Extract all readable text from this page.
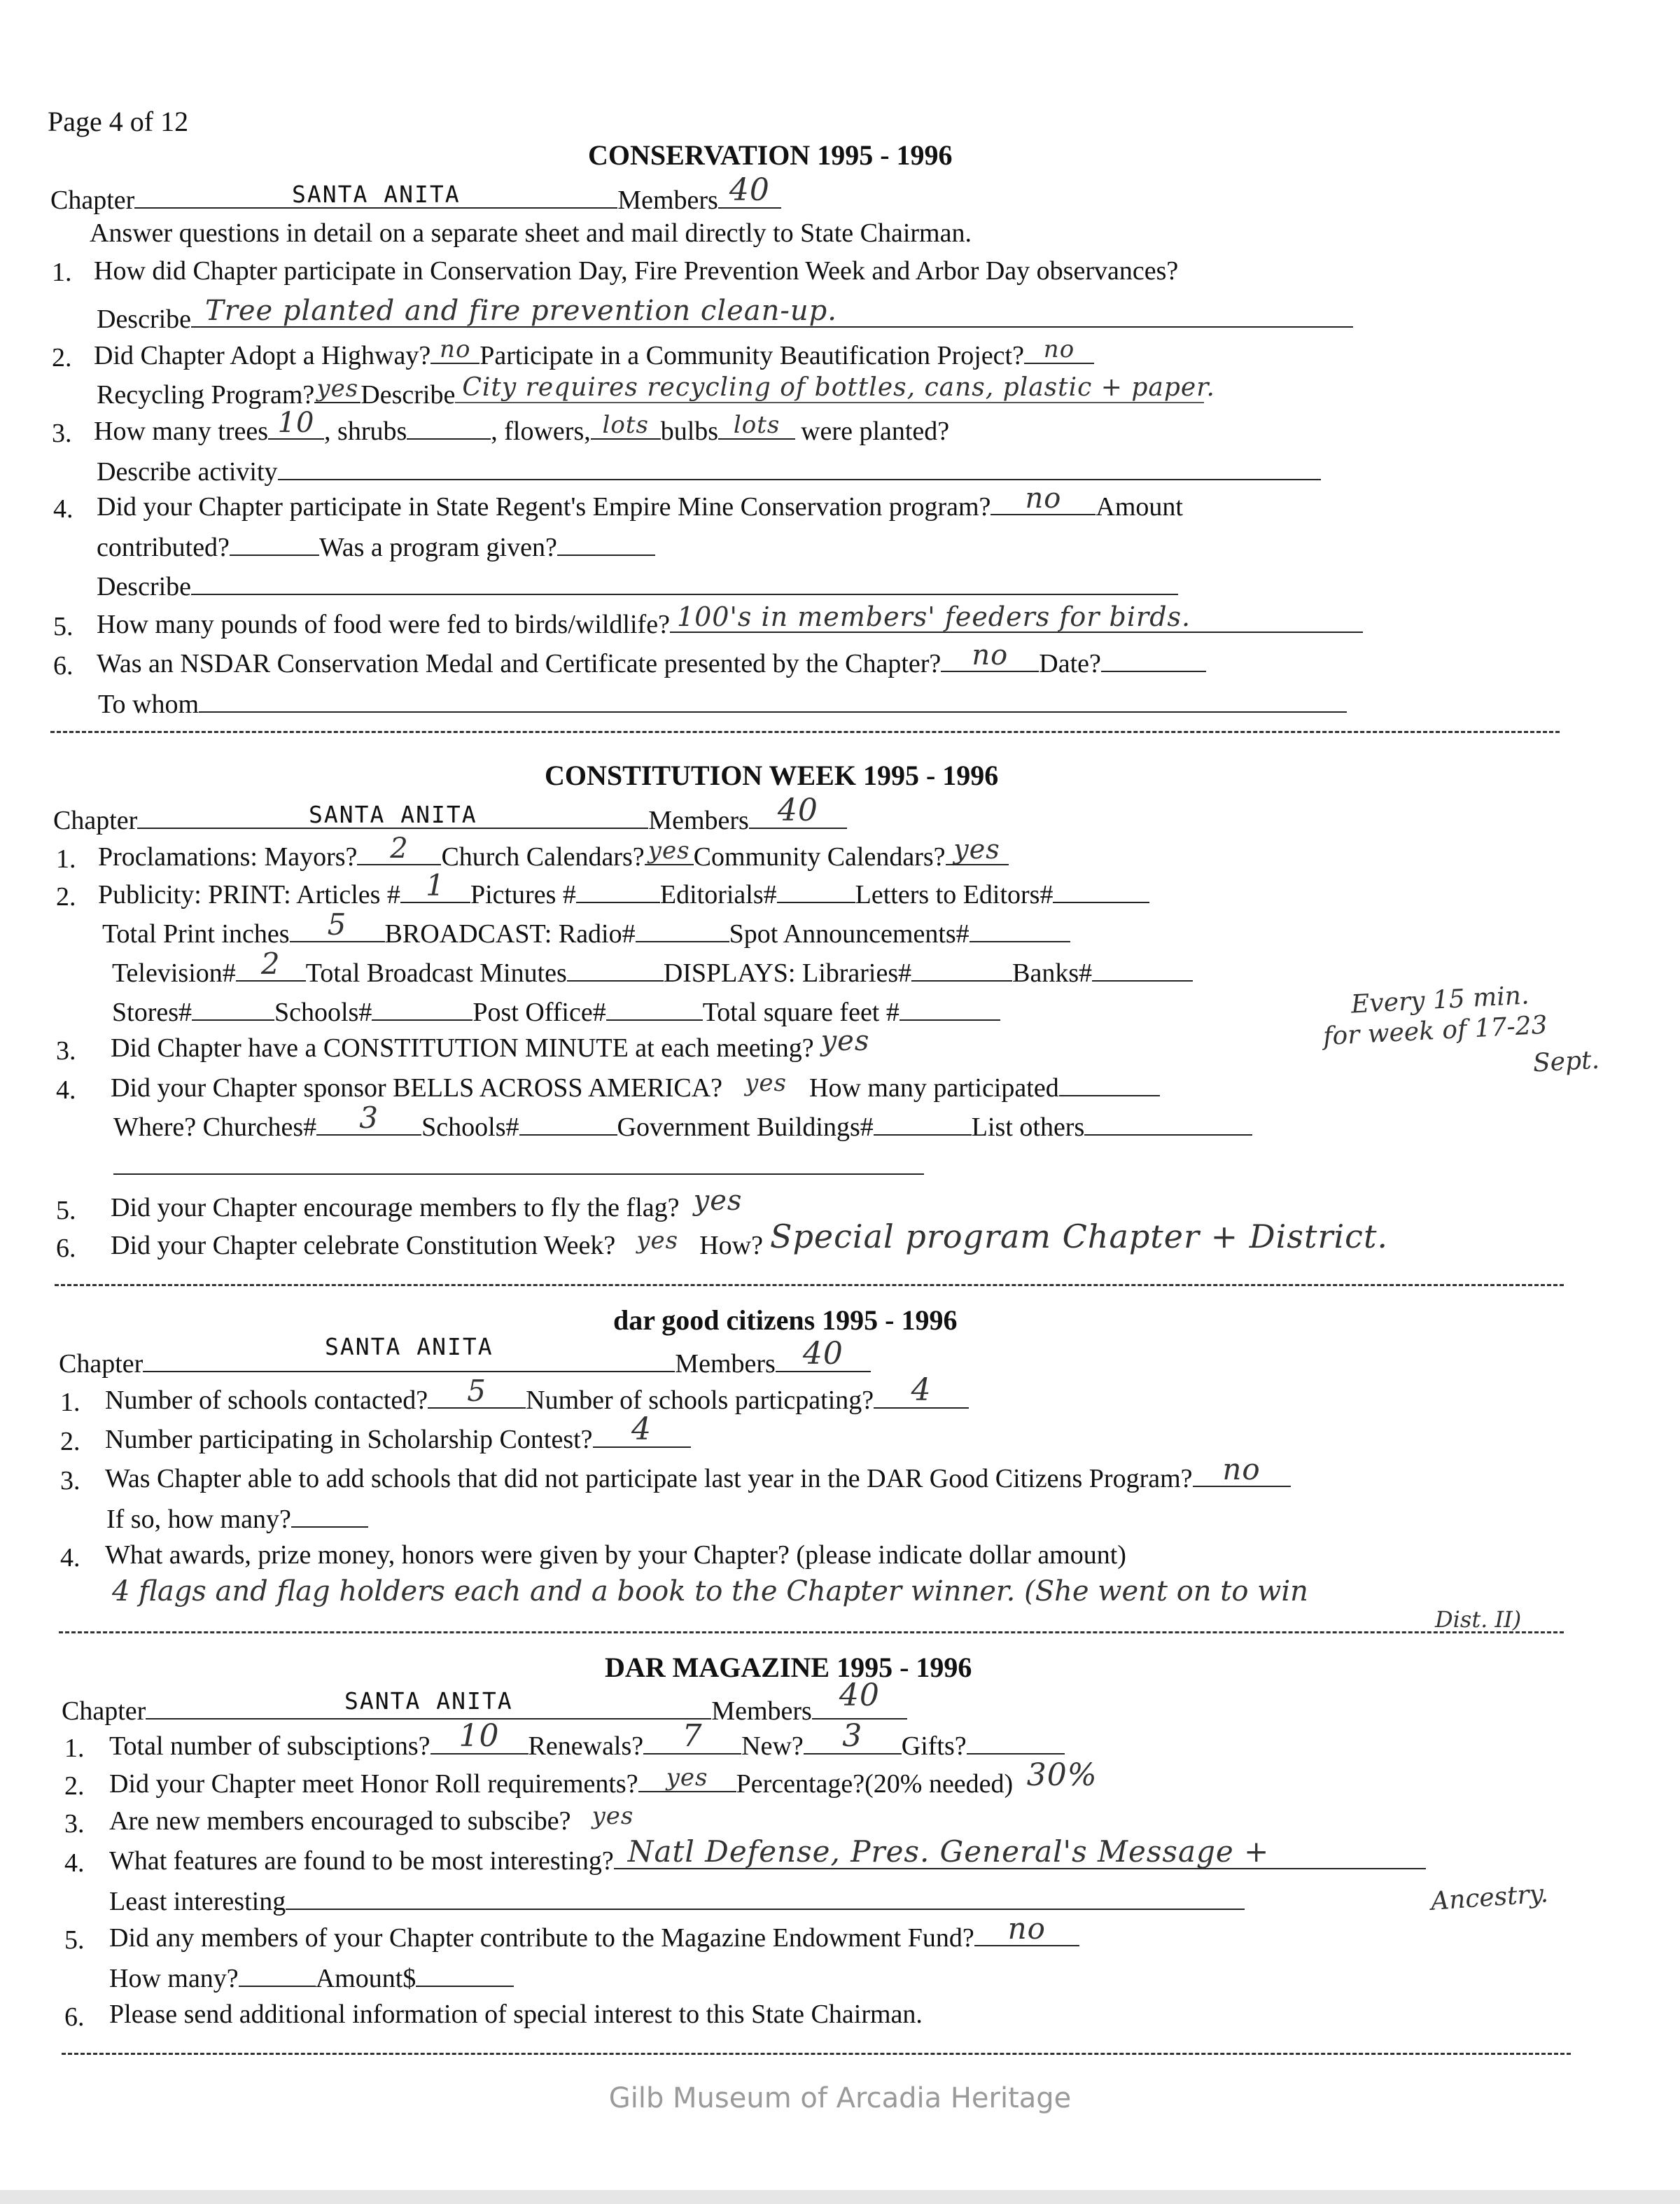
Page 4 of 12
CONSERVATION 1995 - 1996
Chapter	SANTA ANITA	Members 40
Answer questions in detail on a separate sheet and mail directly to State Chairman.
1. How did Chapter participate in Conservation Day, Fire Prevention Week and Arbor Day observances?
Describe Tree planted and fire prevention clean-up.
2. Did Chapter Adopt a Highway? no Participate in a Community Beautification Project? no
Recycling Program? yes Describe City requires recycling of bottles, cans, plastic + paper.
3. How many trees 10 , shrubs	, flowers, lots bulbs lots were planted?
Describe activity
4. Did your Chapter participate in State Regent's Empire Mine Conservation program?	no	Amount
contributed?	Was a program given?
Describe
5. How many pounds of food were fed to birds/wildlife? 100's in members' feeders for birds.
6. Was an NSDAR Conservation Medal and Certificate presented by the Chapter?	no	Date?
To whom
CONSTITUTION WEEK 1995 - 1996
Chapter	SANTA ANITA	Members 40
1. Proclamations: Mayors?	2	Church Calendars? yes Community Calendars? yes
2. Publicity: PRINT: Articles # 1 Pictures #	Editorials#	Letters to Editors#
Total Print inches	5	BROADCAST: Radio#	Spot Announcements#
Television# 2 Total Broadcast Minutes	DISPLAYS: Libraries#	Banks#
Stores#	Schools#	Post Office#	Total square feet #	Every 15 min.
for week of 17-23
Sept.
3. Did Chapter have a CONSTITUTION MINUTE at each meeting? yes
4. Did your Chapter sponsor BELLS ACROSS AMERICA? yes How many participated
Where? Churches#	3	Schools#	Government Buildings#	List others
5. Did your Chapter encourage members to fly the flag? yes
6. Did your Chapter celebrate Constitution Week? yes How? Special program Chapter + District.
dar good citizens 1995 - 1996
Chapter
SANTA ANITA
Members 40
1. Number of schools contacted?	5	Number of schools particpating?	4
2. Number participating in Scholarship Contest?	4
3. Was Chapter able to add schools that did not participate last year in the DAR Good Citizens Program?	no
If so, how many?
4. What awards, prize money, honors were given by your Chapter? (please indicate dollar amount)
4 flags and flag holders each and a book to the Chapter winner. (She went on to win
Dist. II)
DAR MAGAZINE 1995 - 1996
Chapter	SANTA ANITA	Members 40
1. Total number of subsciptions? 10	Renewals?	7	New?	3	Gifts?
2. Did your Chapter meet Honor Roll requirements?	yes	Percentage?(20% needed) 30%
3. Are new members encouraged to subscibe? yes
4. What features are found to be most interesting? Natl Defense, Pres. General's Message +
Ancestry.
Least interesting
5. Did any members of your Chapter contribute to the Magazine Endowment Fund?	no
How many?	Amount$
6. Please send additional information of special interest to this State Chairman.
Gilb Museum of Arcadia Heritage
